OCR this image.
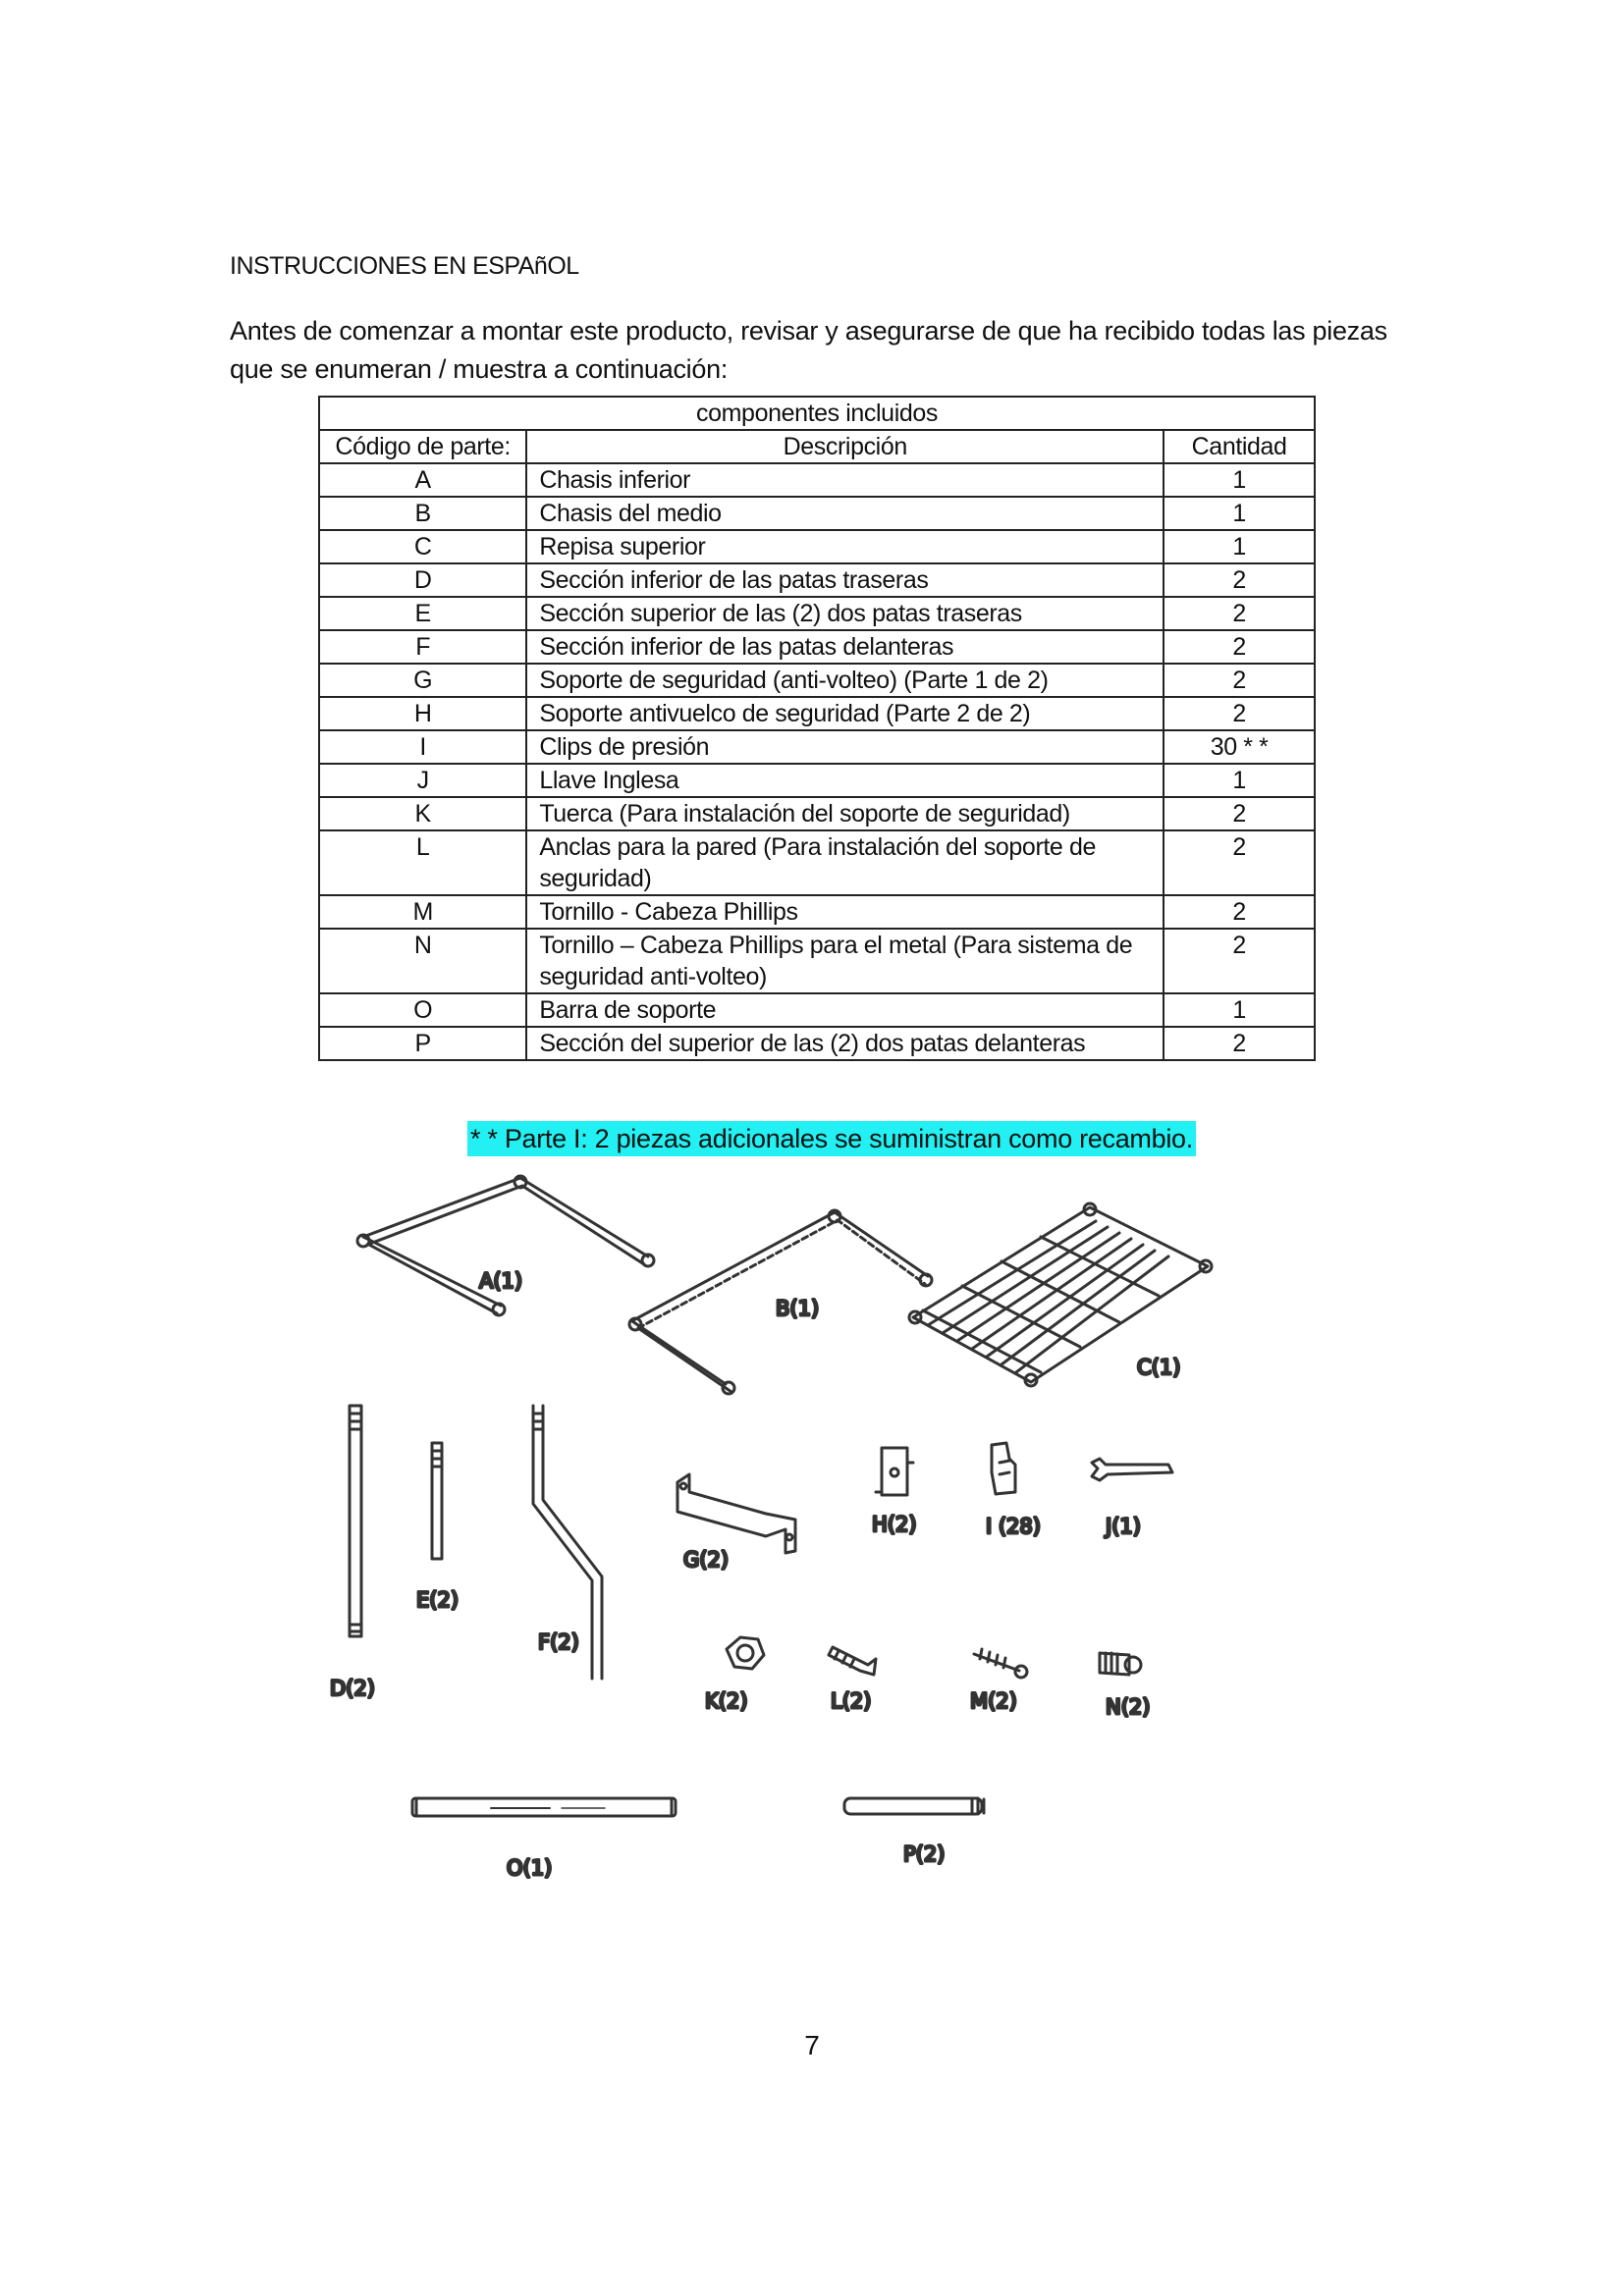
INSTRUCCIONES EN ESPAñOL
Antes de comenzar a montar este producto, revisar y asegurarse de que ha recibido todas las piezas que se enumeran / muestra a continuación:
componentes incluidos		
Código de parte:	Descripción	Cantidad
A	Chasis inferior	1
B	Chasis del medio	1
C	Repisa superior	1
D	Sección inferior de las patas traseras	2
E	Sección superior de las (2) dos patas traseras	2
F	Sección inferior de las patas delanteras	2
G	Soporte de seguridad (anti-volteo) (Parte 1 de 2)	2
H	Soporte antivuelco de seguridad (Parte 2 de 2)	2
I	Clips de presión	30 * *
J	Llave Inglesa	1
K	Tuerca (Para instalación del soporte de seguridad)	2
L	Anclas para la pared (Para instalación del soporte de seguridad)	2
M	Tornillo - Cabeza Phillips	2
N	Tornillo – Cabeza Phillips para el metal (Para sistema de seguridad anti-volteo)	2
O	Barra de soporte	1
P	Sección del superior de las (2) dos patas delanteras	2
* * Parte I: 2 piezas adicionales se suministran como recambio.
A(1)
B(1)
C(1)
D(2)
E(2)
F(2)
G(2)
H(2)	I (28)	J(1)
K(2)	L(2)	M(2)	N(2)
O(1)
P(2)
7
